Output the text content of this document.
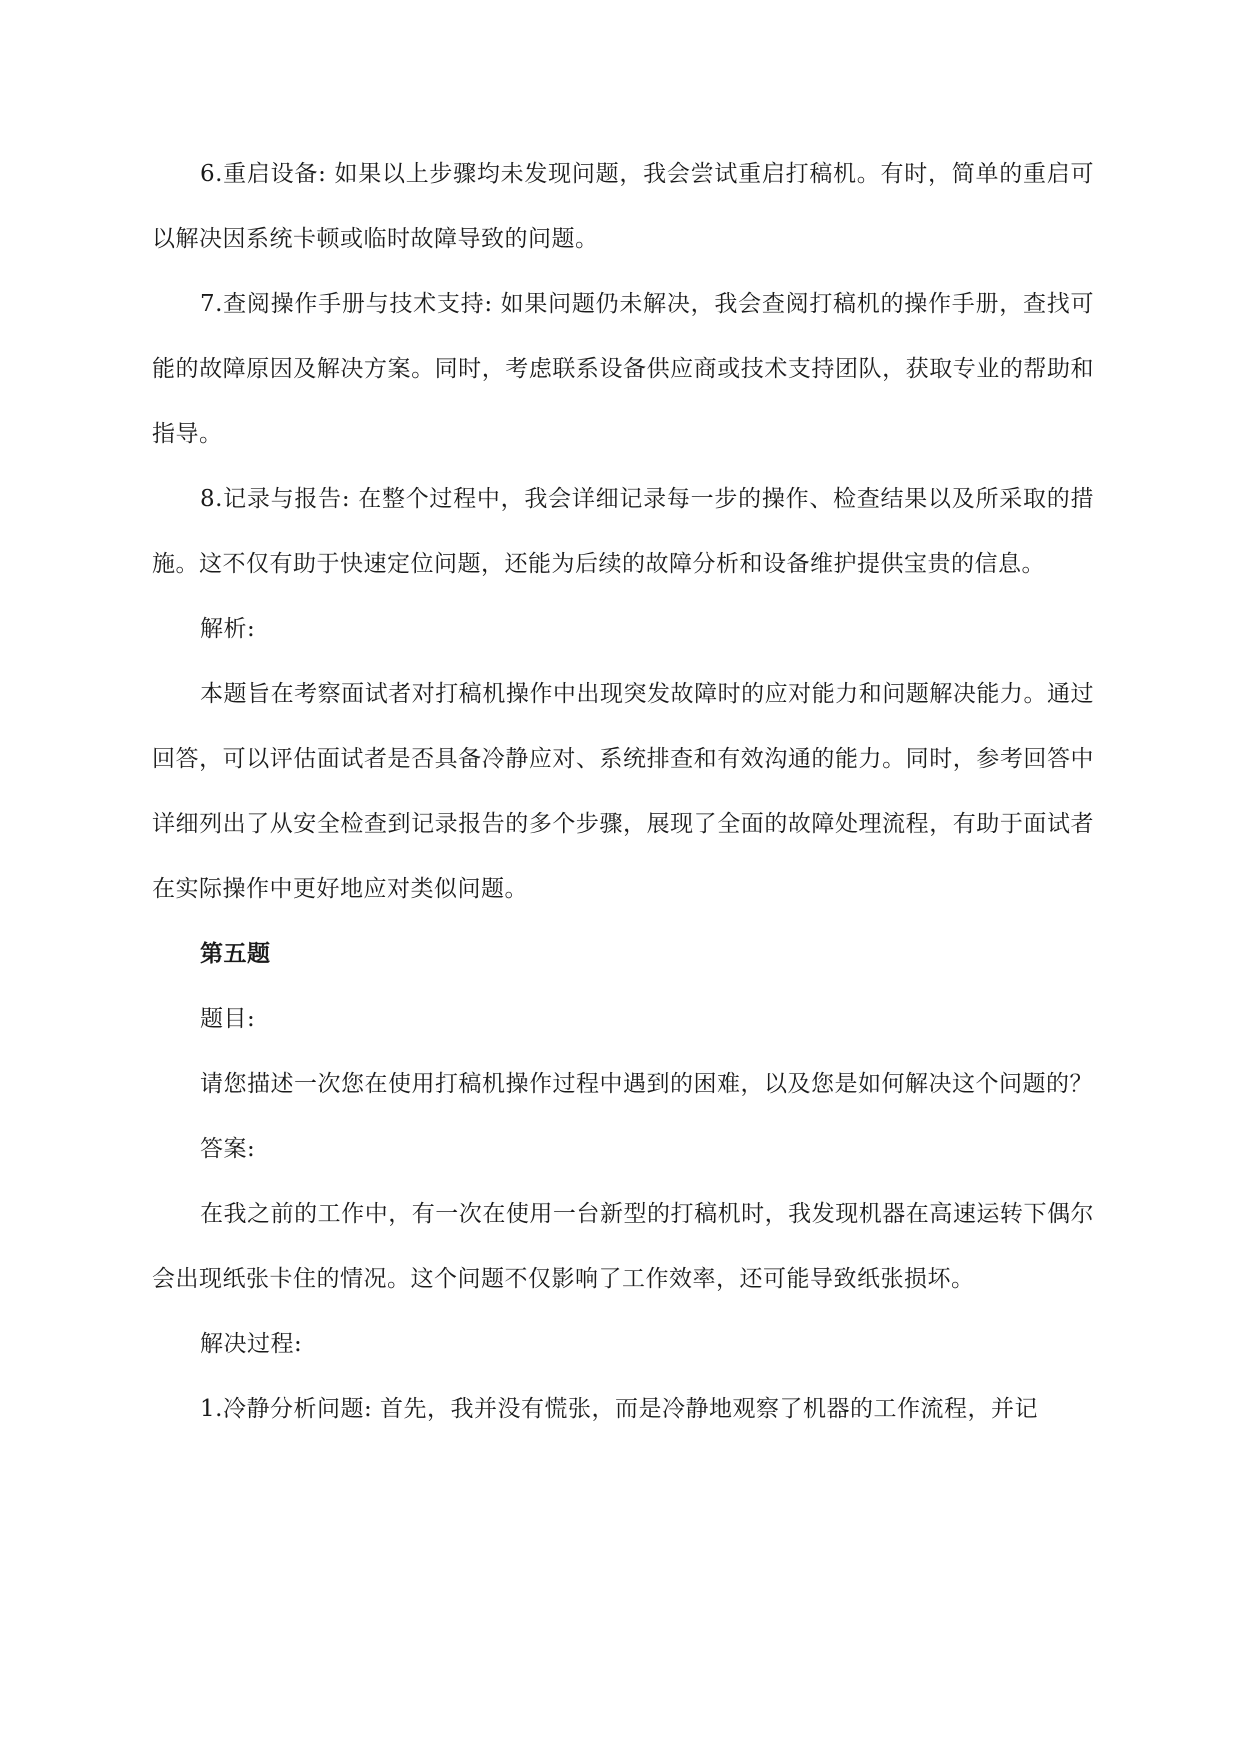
6.重启设备: 如果以上步骤均未发现问题，我会尝试重启打稿机。有时，简单的重启可以解决因系统卡顿或临时故障导致的问题。

7.查阅操作手册与技术支持: 如果问题仍未解决，我会查阅打稿机的操作手册，查找可能的故障原因及解决方案。同时，考虑联系设备供应商或技术支持团队，获取专业的帮助和指导。

8.记录与报告: 在整个过程中，我会详细记录每一步的操作、检查结果以及所采取的措施。这不仅有助于快速定位问题，还能为后续的故障分析和设备维护提供宝贵的信息。

解析:

本题旨在考察面试者对打稿机操作中出现突发故障时的应对能力和问题解决能力。通过回答，可以评估面试者是否具备冷静应对、系统排查和有效沟通的能力。同时，参考回答中详细列出了从安全检查到记录报告的多个步骤，展现了全面的故障处理流程，有助于面试者在实际操作中更好地应对类似问题。

第五题

题目:

请您描述一次您在使用打稿机操作过程中遇到的困难，以及您是如何解决这个问题的？

答案:

在我之前的工作中，有一次在使用一台新型的打稿机时，我发现机器在高速运转下偶尔会出现纸张卡住的情况。这个问题不仅影响了工作效率，还可能导致纸张损坏。

解决过程:

1.冷静分析问题: 首先，我并没有慌张，而是冷静地观察了机器的工作流程，并记
